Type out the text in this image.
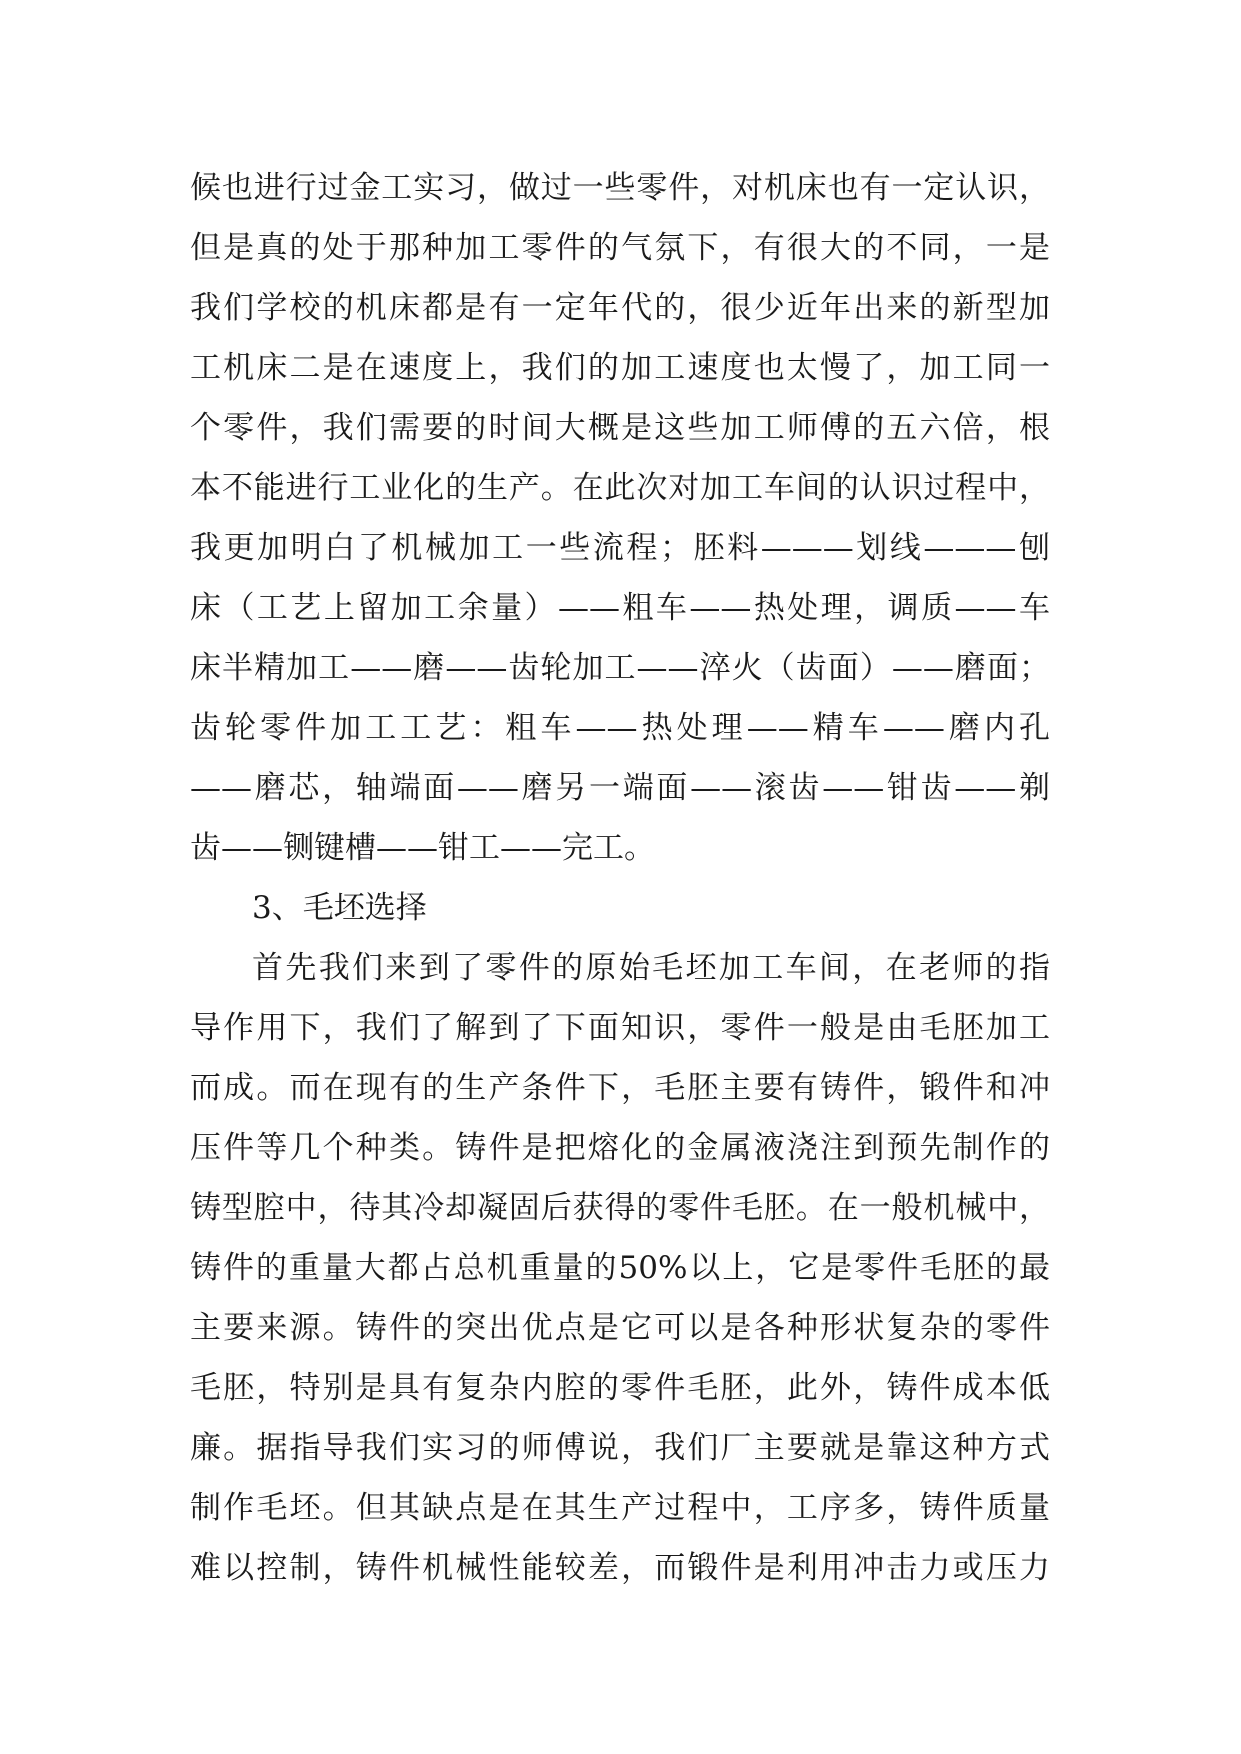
候也进行过金工实习，做过一些零件，对机床也有一定认识，
但是真的处于那种加工零件的气氛下，有很大的不同，一是
我们学校的机床都是有一定年代的，很少近年出来的新型加
工机床二是在速度上，我们的加工速度也太慢了，加工同一
个零件，我们需要的时间大概是这些加工师傅的五六倍，根
本不能进行工业化的生产。在此次对加工车间的认识过程中，
我更加明白了机械加工一些流程；胚料———划线———刨
床（工艺上留加工余量）——粗车——热处理，调质——车
床半精加工——磨——齿轮加工——淬火（齿面）——磨面；
齿轮零件加工工艺：粗车——热处理——精车——磨内孔
——磨芯，轴端面——磨另一端面——滚齿——钳齿——剃
齿——铡键槽——钳工——完工。
3、毛坯选择
首先我们来到了零件的原始毛坯加工车间，在老师的指
导作用下，我们了解到了下面知识，零件一般是由毛胚加工
而成。而在现有的生产条件下，毛胚主要有铸件，锻件和冲
压件等几个种类。铸件是把熔化的金属液浇注到预先制作的
铸型腔中，待其冷却凝固后获得的零件毛胚。在一般机械中，
铸件的重量大都占总机重量的50%以上，它是零件毛胚的最
主要来源。铸件的突出优点是它可以是各种形状复杂的零件
毛胚，特别是具有复杂内腔的零件毛胚，此外，铸件成本低
廉。据指导我们实习的师傅说，我们厂主要就是靠这种方式
制作毛坯。但其缺点是在其生产过程中，工序多，铸件质量
难以控制，铸件机械性能较差，而锻件是利用冲击力或压力
